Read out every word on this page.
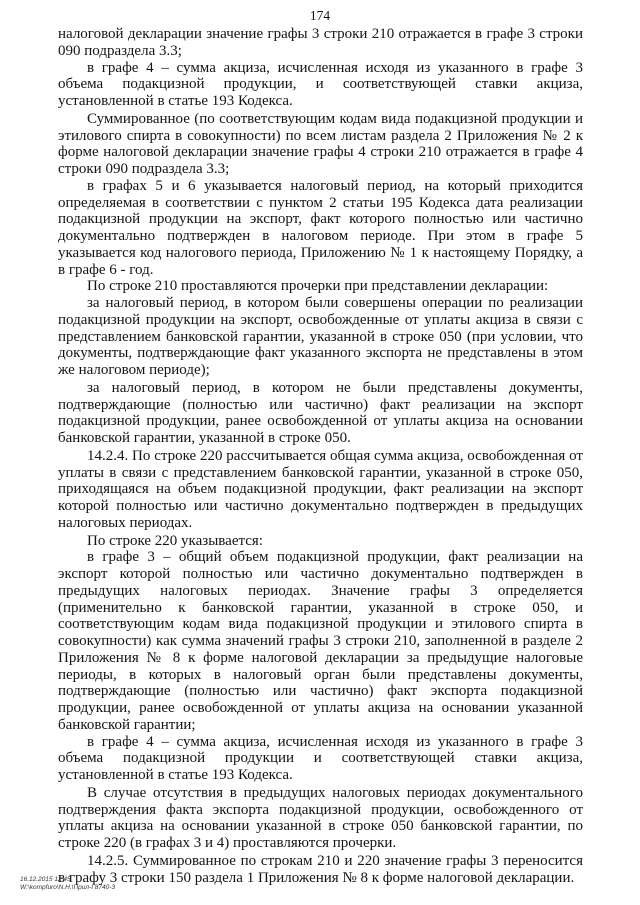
174

налоговой декларации значение графы 3 строки 210 отражается в графе 3 строки 090 подраздела 3.3;

в графе 4 – сумма акциза, исчисленная исходя из указанного в графе 3 объема подакцизной продукции, и соответствующей ставки акциза, установленной в статье 193 Кодекса.

Суммированное (по соответствующим кодам вида подакцизной продукции и этилового спирта в совокупности) по всем листам раздела 2 Приложения № 2 к форме налоговой декларации значение графы 4 строки 210 отражается в графе 4 строки 090 подраздела 3.3;

в графах 5 и 6 указывается налоговый период, на который приходится определяемая в соответствии с пунктом 2 статьи 195 Кодекса дата реализации подакцизной продукции на экспорт, факт которого полностью или частично документально подтвержден в налоговом периоде. При этом в графе 5 указывается код налогового периода, Приложению № 1 к настоящему Порядку, а в графе 6 - год.

По строке 210 проставляются прочерки при представлении декларации:

за налоговый период, в котором были совершены операции по реализации подакцизной продукции на экспорт, освобожденные от уплаты акциза в связи с представлением банковской гарантии, указанной в строке 050 (при условии, что документы, подтверждающие факт указанного экспорта не представлены в этом же налоговом периоде);

за налоговый период, в котором не были представлены документы, подтверждающие (полностью или частично) факт реализации на экспорт подакцизной продукции, ранее освобожденной от уплаты акциза на основании банковской гарантии, указанной в строке 050.

14.2.4. По строке 220 рассчитывается общая сумма акциза, освобожденная от уплаты в связи с представлением банковской гарантии, указанной в строке 050, приходящаяся на объем подакцизной продукции, факт реализации на экспорт которой полностью или частично документально подтвержден в предыдущих налоговых периодах.

По строке 220 указывается:

в графе 3 – общий объем подакцизной продукции, факт реализации на экспорт которой полностью или частично документально подтвержден в предыдущих налоговых периодах. Значение графы 3 определяется (применительно к банковской гарантии, указанной в строке 050, и соответствующим кодам вида подакцизной продукции и этилового спирта в совокупности) как сумма значений графы 3 строки 210, заполненной в разделе 2 Приложения № 8 к форме налоговой декларации за предыдущие налоговые периоды, в которых в налоговый орган были представлены документы, подтверждающие (полностью или частично) факт экспорта подакцизной продукции, ранее освобожденной от уплаты акциза на основании указанной банковской гарантии;

в графе 4 – сумма акциза, исчисленная исходя из указанного в графе 3 объема подакцизной продукции и соответствующей ставки акциза, установленной в статье 193 Кодекса.

В случае отсутствия в предыдущих налоговых периодах документального подтверждения факта экспорта подакцизной продукции, освобожденного от уплаты акциза на основании указанной в строке 050 банковской гарантии, по строке 220 (в графах 3 и 4) проставляются прочерки.

14.2.5. Суммированное по строкам 210 и 220 значение графы 3 переносится в графу 3 строки 150 раздела 1 Приложения № 8 к форме налоговой декларации.

16.12.2015 12:45
W:\kompfuro\N.H.\Прил-Г8740-3
